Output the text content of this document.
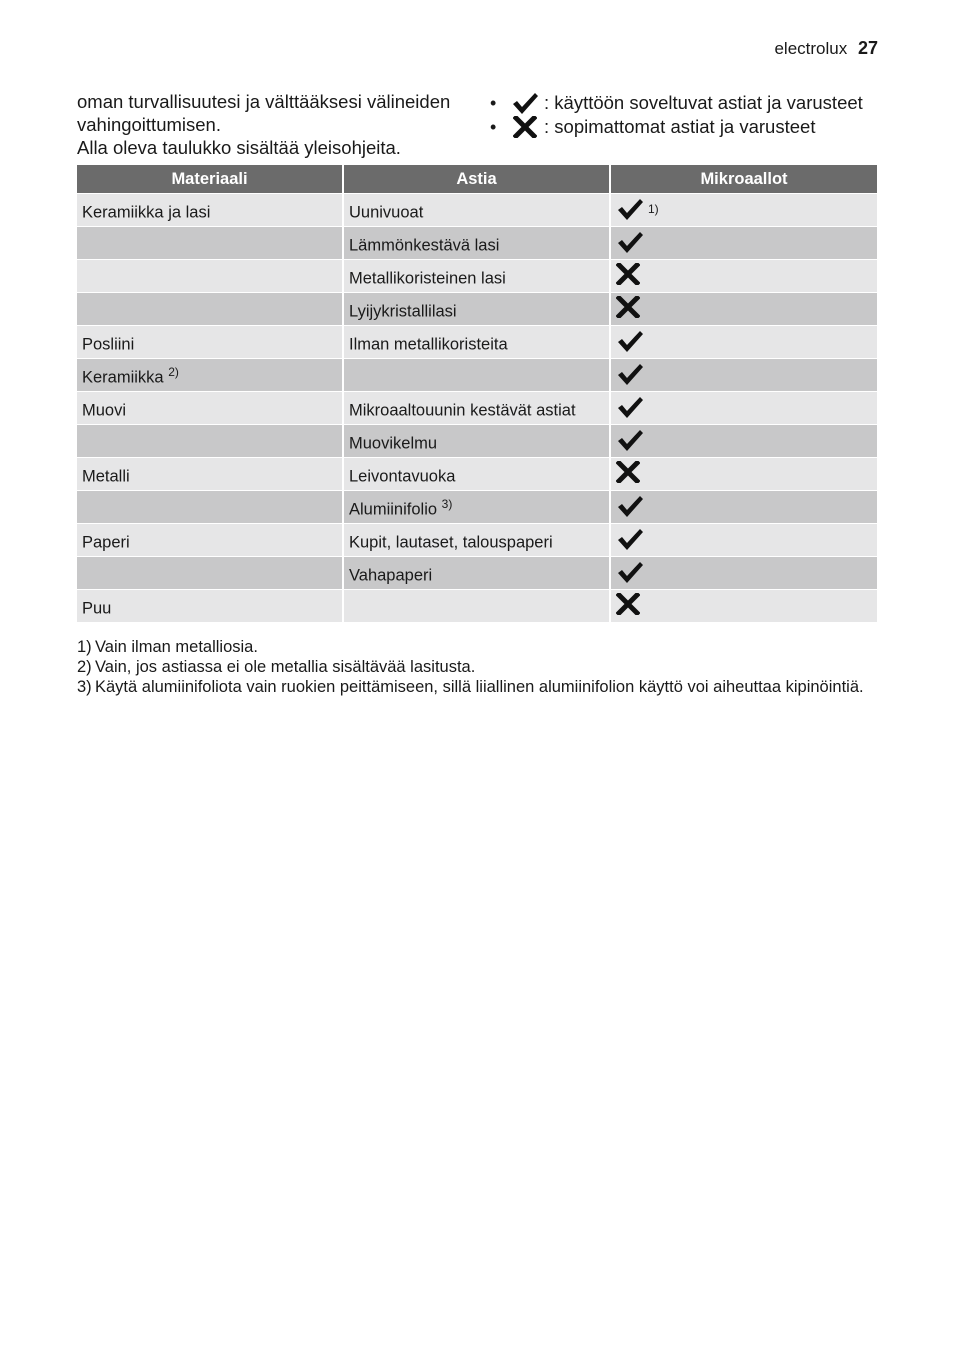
electrolux 27

oman turvallisuutesi ja välttääksesi välineiden vahingoittumisen.

Alla oleva taulukko sisältää yleisohjeita.

•	: käyttöön soveltuvat astiat ja varusteet
•	: sopimattomat astiat ja varusteet
Materiaali	Astia	Mikroaallot
Keramiikka ja lasi	Uunivuoat	$^{1)}$
	Lämmönkestävä lasi	
	Metallikoristeinen lasi	
	Lyijykristallilasi	
Posliini	Ilman metallikoristeita	
Keramiikka $^{2)}$		
Muovi	Mikroaaltouunin kestävät astiat	
	Muovikelmu	
Metalli	Leivontavuoka	
	Alumiinifolio $^{3)}$	
Paperi	Kupit, lautaset, talouspaperi	
	Vahapaperi	
Puu		
1) Vain ilman metalliosia.
2) Vain, jos astiassa ei ole metallia sisältävää lasitusta.
3) Käytä alumiinifoliota vain ruokien peittämiseen, sillä liiallinen alumiinifolion käyttö voi aiheuttaa kipinöintiä.
